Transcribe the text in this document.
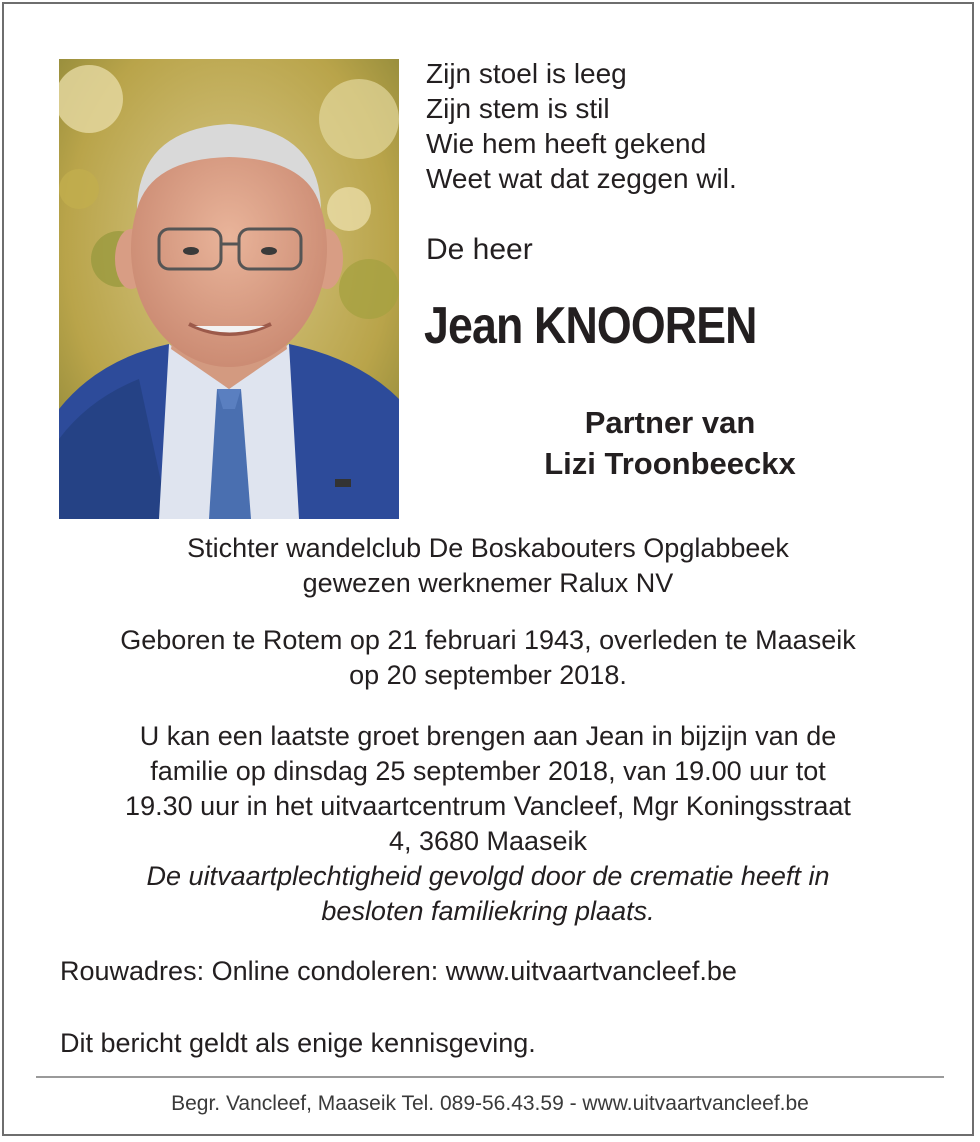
Zijn stoel is leeg
Zijn stem is stil
Wie hem heeft gekend
Weet wat dat zeggen wil.
De heer
Jean KNOOREN
Partner van
Lizi Troonbeeckx
Stichter wandelclub De Boskabouters Opglabbeek
gewezen werknemer Ralux NV
Geboren te Rotem op 21 februari 1943, overleden te Maaseik
op 20 september 2018.
U kan een laatste groet brengen aan Jean in bijzijn van de
familie op dinsdag 25 september 2018, van 19.00 uur tot
19.30 uur in het uitvaartcentrum Vancleef, Mgr Koningsstraat
4, 3680 Maaseik
De uitvaartplechtigheid gevolgd door de crematie heeft in
besloten familiekring plaats.
Rouwadres: Online condoleren: www.uitvaartvancleef.be
Dit bericht geldt als enige kennisgeving.
Begr. Vancleef, Maaseik Tel. 089-56.43.59 - www.uitvaartvancleef.be
